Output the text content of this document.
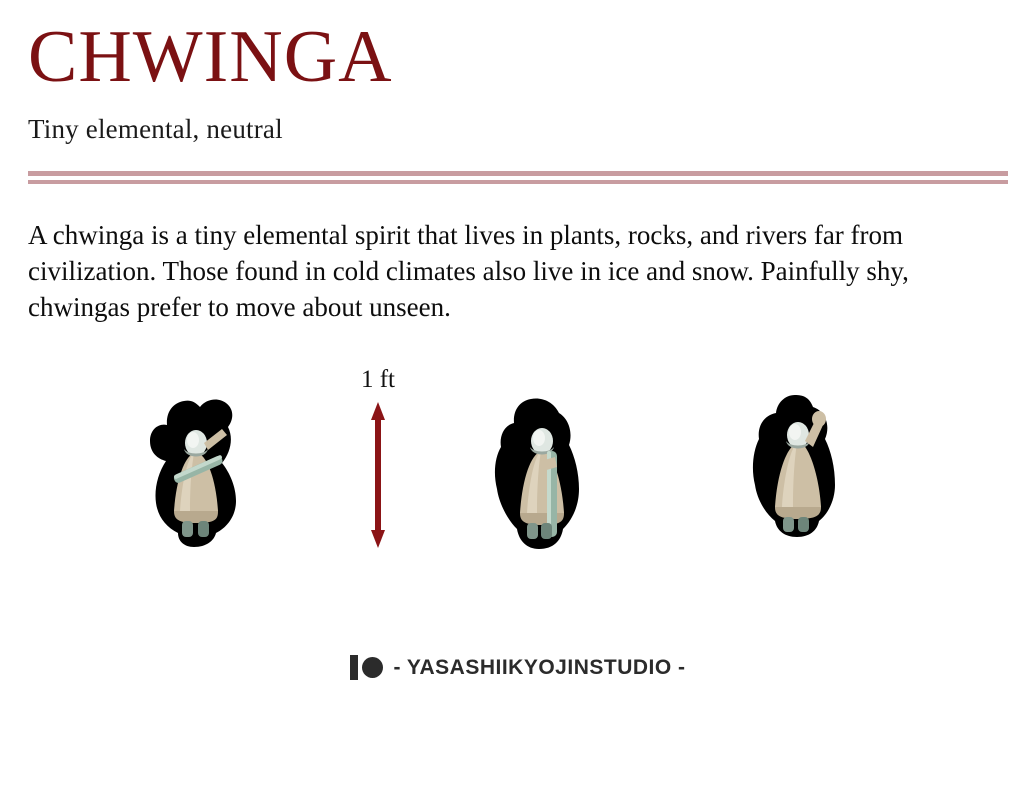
CHWINGA

Tiny elemental, neutral

A chwinga is a tiny elemental spirit that lives in plants, rocks, and rivers far from civilization. Those found in cold climates also live in ice and snow. Painfully shy, chwingas prefer to move about unseen.

1 ft
- YASASHIIKYOJINSTUDIO -
